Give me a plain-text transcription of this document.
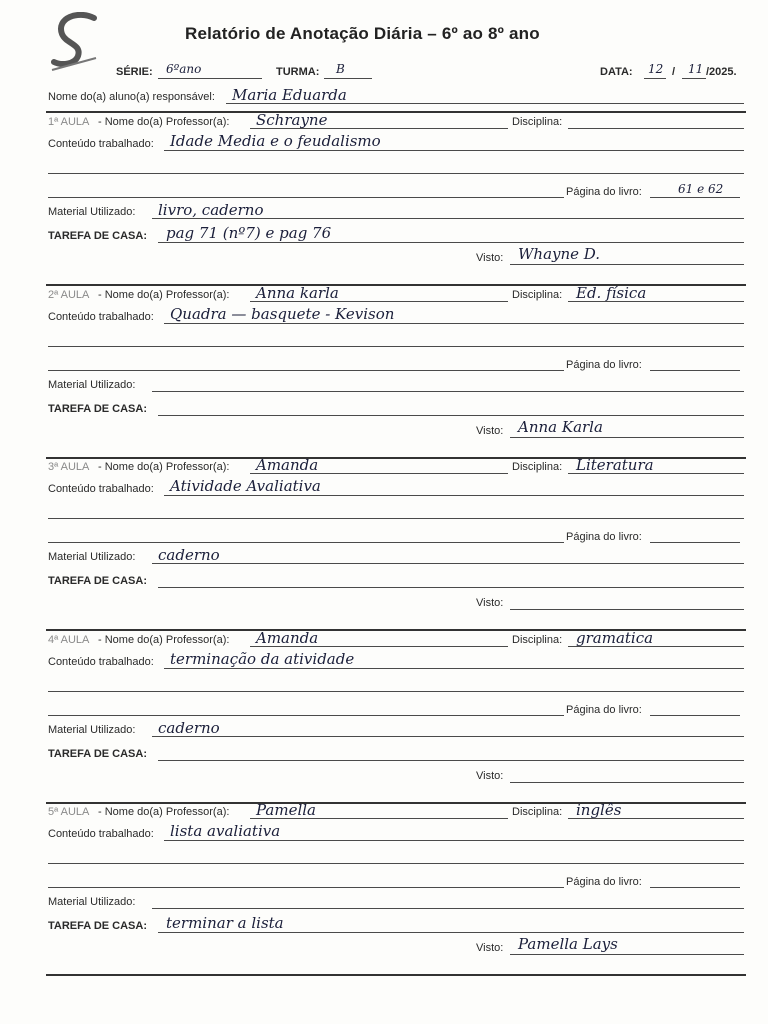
Relatório de Anotação Diária – 6º ao 8º ano
SÉRIE: 6ºano	TURMA: B	DATA: 12 / 11 /2025.
Nome do(a) aluno(a) responsável: Maria Eduarda
1ª AULA - Nome do(a) Professor(a): Schrayne	Disciplina:
Conteúdo trabalhado: Idade Media e o feudalismo
Página do livro:	61 e 62
Material Utilizado: livro, caderno
TAREFA DE CASA: pag 71 (nº7) e pag 76
Visto: Whayne D.
2ª AULA - Nome do(a) Professor(a): Anna karla	Disciplina: Ed. física
Conteúdo trabalhado: Quadra — basquete - Kevison
Página do livro:
Material Utilizado:
TAREFA DE CASA:
Visto: Anna Karla
3ª AULA - Nome do(a) Professor(a): Amanda	Disciplina: Literatura
Conteúdo trabalhado: Atividade Avaliativa
Página do livro:
Material Utilizado: caderno
TAREFA DE CASA:
Visto:
4ª AULA - Nome do(a) Professor(a): Amanda	Disciplina: gramatica
Conteúdo trabalhado: terminação da atividade
Página do livro:
Material Utilizado: caderno
TAREFA DE CASA:
Visto:
5ª AULA - Nome do(a) Professor(a): Pamella	Disciplina: inglês
Conteúdo trabalhado: lista avaliativa
Página do livro:
Material Utilizado:
TAREFA DE CASA: terminar a lista
Visto: Pamella Lays
